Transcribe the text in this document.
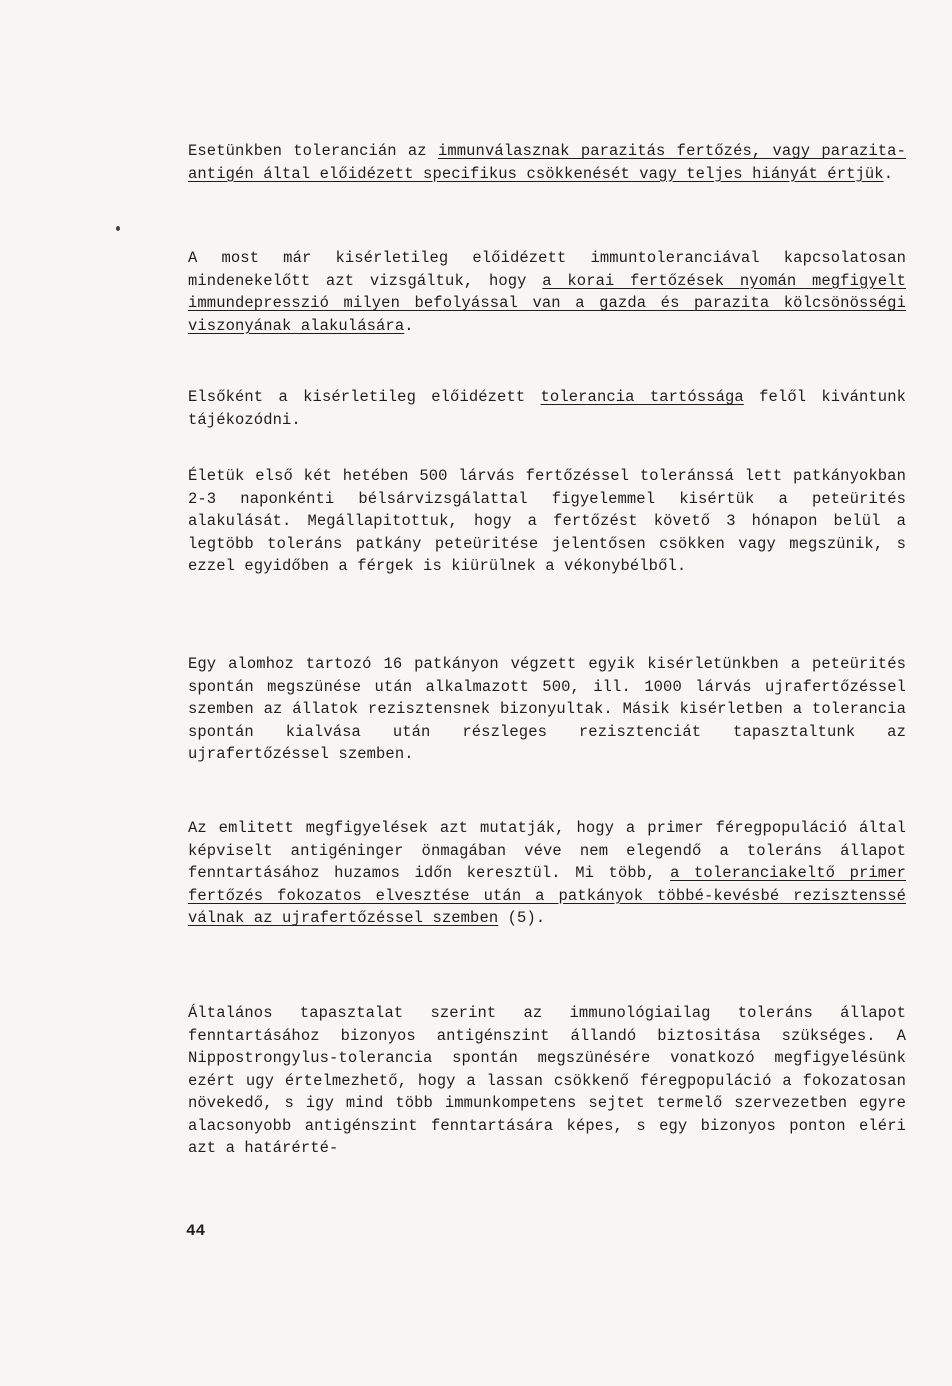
Esetünkben tolerancián az immunválasznak parazitás fertőzés, vagy parazita-antigén által előidézett specifikus csökkenését vagy teljes hiányát értjük.
A most már kisérletileg előidézett immuntoleranciával kapcsolatosan mindenekelőtt azt vizsgáltuk, hogy a korai fertőzések nyomán megfigyelt immundepresszió milyen befolyással van a gazda és parazita kölcsönösségi viszonyának alakulására.
Elsőként a kisérletileg előidézett tolerancia tartóssága felől kivántunk tájékozódni.
Életük első két hetében 500 lárvás fertőzéssel toleránssá lett patkányokban 2-3 naponkénti bélsárvizsgálattal figyelemmel kisértük a peteürités alakulását. Megállapitottuk, hogy a fertőzést követő 3 hónapon belül a legtöbb toleráns patkány peteüritése jelentősen csökken vagy megszünik, s ezzel egyidőben a férgek is kiürülnek a vékonybélből.
Egy alomhoz tartozó 16 patkányon végzett egyik kisérletünkben a peteürités spontán megszünése után alkalmazott 500, ill. 1000 lárvás ujrafertőzéssel szemben az állatok rezisztensnek bizonyultak. Másik kisérletben a tolerancia spontán kialvása után részleges rezisztenciát tapasztaltunk az ujrafertőzéssel szemben.
Az emlitett megfigyelések azt mutatják, hogy a primer féregpopuláció által képviselt antigéninger önmagában véve nem elegendő a toleráns állapot fenntartásához huzamos időn keresztül. Mi több, a toleranciakeltő primer fertőzés fokozatos elvesztése után a patkányok többé-kevésbé rezisztenssé válnak az ujrafertőzéssel szemben (5).
Általános tapasztalat szerint az immunológiailag toleráns állapot fenntartásához bizonyos antigénszint állandó biztositása szükséges. A Nippostrongylus-tolerancia spontán megszünésére vonatkozó megfigyelésünk ezért ugy értelmezhető, hogy a lassan csökkenő féregpopuláció a fokozatosan növekedő, s igy mind több immunkompetens sejtet termelő szervezetben egyre alacsonyobb antigénszint fenntartására képes, s egy bizonyos ponton eléri azt a határérté-
44
